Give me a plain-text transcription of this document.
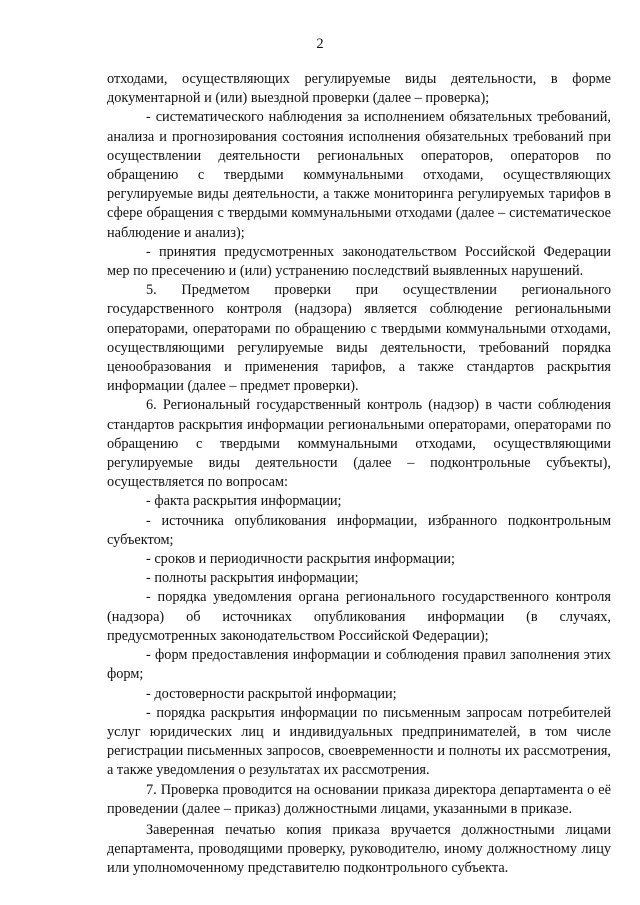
2

отходами, осуществляющих регулируемые виды деятельности, в форме документарной и (или) выездной проверки (далее – проверка);

- систематического наблюдения за исполнением обязательных требований, анализа и прогнозирования состояния исполнения обязательных требований при осуществлении деятельности региональных операторов, операторов по обращению с твердыми коммунальными отходами, осуществляющих регулируемые виды деятельности, а также мониторинга регулируемых тарифов в сфере обращения с твердыми коммунальными отходами (далее – систематическое наблюдение и анализ);

- принятия предусмотренных законодательством Российской Федерации мер по пресечению и (или) устранению последствий выявленных нарушений.

5. Предметом проверки при осуществлении регионального государственного контроля (надзора) является соблюдение региональными операторами, операторами по обращению с твердыми коммунальными отходами, осуществляющими регулируемые виды деятельности, требований порядка ценообразования и применения тарифов, а также стандартов раскрытия информации (далее – предмет проверки).

6. Региональный государственный контроль (надзор) в части соблюдения стандартов раскрытия информации региональными операторами, операторами по обращению с твердыми коммунальными отходами, осуществляющими регулируемые виды деятельности (далее – подконтрольные субъекты), осуществляется по вопросам:

- факта раскрытия информации;

- источника опубликования информации, избранного подконтрольным субъектом;

- сроков и периодичности раскрытия информации;

- полноты раскрытия информации;

- порядка уведомления органа регионального государственного контроля (надзора) об источниках опубликования информации (в случаях, предусмотренных законодательством Российской Федерации);

- форм предоставления информации и соблюдения правил заполнения этих форм;

- достоверности раскрытой информации;

- порядка раскрытия информации по письменным запросам потребителей услуг юридических лиц и индивидуальных предпринимателей, в том числе регистрации письменных запросов, своевременности и полноты их рассмотрения, а также уведомления о результатах их рассмотрения.

7. Проверка проводится на основании приказа директора департамента о её проведении (далее – приказ) должностными лицами, указанными в приказе.

Заверенная печатью копия приказа вручается должностными лицами департамента, проводящими проверку, руководителю, иному должностному лицу или уполномоченному представителю подконтрольного субъекта.
